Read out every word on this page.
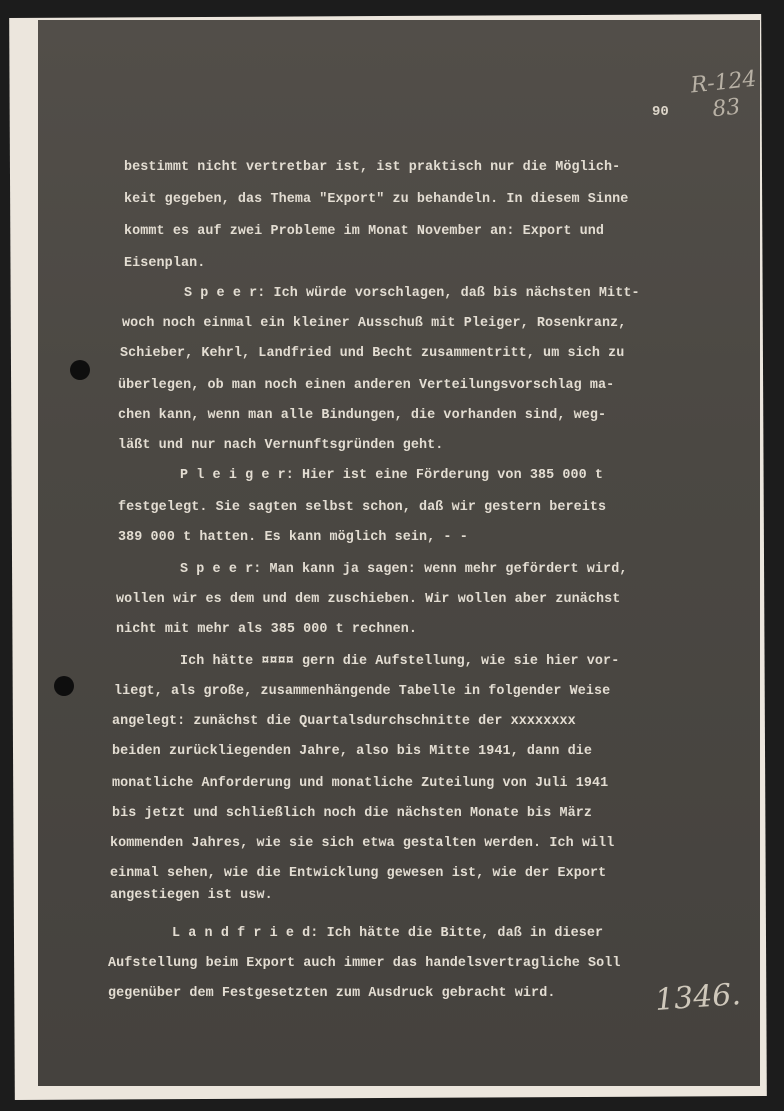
R-124
83
90
bestimmt nicht vertretbar ist, ist praktisch nur die Möglich-
keit gegeben, das Thema "Export" zu behandeln. In diesem Sinne
kommt es auf zwei Probleme im Monat November an: Export und
Eisenplan.
S p e e r: Ich würde vorschlagen, daß bis nächsten Mitt-
woch noch einmal ein kleiner Ausschuß mit Pleiger, Rosenkranz,
Schieber, Kehrl, Landfried und Becht zusammentritt, um sich zu
überlegen, ob man noch einen anderen Verteilungsvorschlag ma-
chen kann, wenn man alle Bindungen, die vorhanden sind, weg-
läßt und nur nach Vernunftsgründen geht.
P l e i g e r: Hier ist eine Förderung von 385 000 t
festgelegt. Sie sagten selbst schon, daß wir gestern bereits
389 000 t hatten. Es kann möglich sein, - -
S p e e r: Man kann ja sagen: wenn mehr gefördert wird,
wollen wir es dem und dem zuschieben. Wir wollen aber zunächst
nicht mit mehr als 385 000 t rechnen.
Ich hätte ¤¤¤¤ gern die Aufstellung, wie sie hier vor-
liegt, als große, zusammenhängende Tabelle in folgender Weise
angelegt: zunächst die Quartalsdurchschnitte der xxxxxxxx
beiden zurückliegenden Jahre, also bis Mitte 1941, dann die
monatliche Anforderung und monatliche Zuteilung von Juli 1941
bis jetzt und schließlich noch die nächsten Monate bis März
kommenden Jahres, wie sie sich etwa gestalten werden. Ich will
einmal sehen, wie die Entwicklung gewesen ist, wie der Export
angestiegen ist usw.
L a n d f r i e d: Ich hätte die Bitte, daß in dieser
Aufstellung beim Export auch immer das handelsvertragliche Soll
gegenüber dem Festgesetzten zum Ausdruck gebracht wird.	1346.
